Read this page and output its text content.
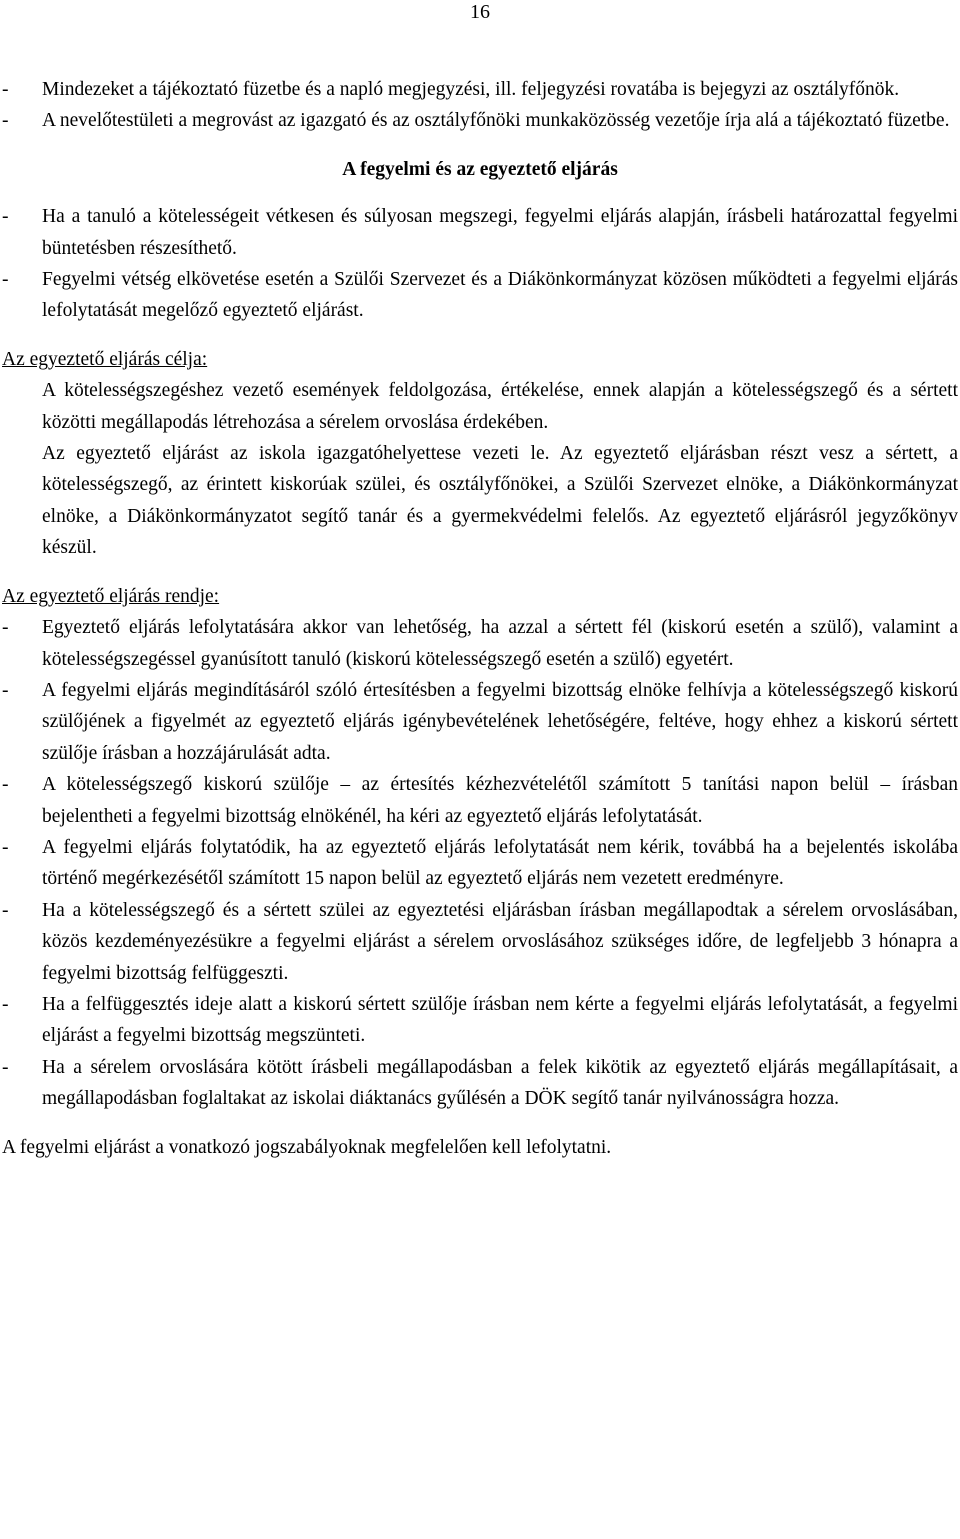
16
-	Mindezeket a tájékoztató füzetbe és a napló megjegyzési, ill. feljegyzési rovatába is bejegyzi az osztályfőnök.
-	A nevelőtestületi a megrovást az igazgató és az osztályfőnöki munkaközösség vezetője írja alá a tájékoztató füzetbe.
A fegyelmi és az egyeztető eljárás
-	Ha a tanuló a kötelességeit vétkesen és súlyosan megszegi, fegyelmi eljárás alapján, írásbeli határozattal fegyelmi büntetésben részesíthető.
-	Fegyelmi vétség elkövetése esetén a Szülői Szervezet és a Diákönkormányzat közösen működteti a fegyelmi eljárás lefolytatását megelőző egyeztető eljárást.
Az egyeztető eljárás célja:
A kötelességszegéshez vezető események feldolgozása, értékelése, ennek alapján a kötelességszegő és a sértett közötti megállapodás létrehozása a sérelem orvoslása érdekében.
Az egyeztető eljárást az iskola igazgatóhelyettese vezeti le. Az egyeztető eljárásban részt vesz a sértett, a kötelességszegő, az érintett kiskorúak szülei, és osztályfőnökei, a Szülői Szervezet elnöke, a Diákönkormányzat elnöke, a Diákönkormányzatot segítő tanár és a gyermekvédelmi felelős. Az egyeztető eljárásról jegyzőkönyv készül.
Az egyeztető eljárás rendje:
-	Egyeztető eljárás lefolytatására akkor van lehetőség, ha azzal a sértett fél (kiskorú esetén a szülő), valamint a kötelességszegéssel gyanúsított tanuló (kiskorú kötelességszegő esetén a szülő) egyetért.
-	A fegyelmi eljárás megindításáról szóló értesítésben a fegyelmi bizottság elnöke felhívja a kötelességszegő kiskorú szülőjének a figyelmét az egyeztető eljárás igénybevételének lehetőségére, feltéve, hogy ehhez a kiskorú sértett szülője írásban a hozzájárulását adta.
-	A kötelességszegő kiskorú szülője – az értesítés kézhezvételétől számított 5 tanítási napon belül – írásban bejelentheti a fegyelmi bizottság elnökénél, ha kéri az egyeztető eljárás lefolytatását.
-	A fegyelmi eljárás folytatódik, ha az egyeztető eljárás lefolytatását nem kérik, továbbá ha a bejelentés iskolába történő megérkezésétől számított 15 napon belül az egyeztető eljárás nem vezetett eredményre.
-	Ha a kötelességszegő és a sértett szülei az egyeztetési eljárásban írásban megállapodtak a sérelem orvoslásában, közös kezdeményezésükre a fegyelmi eljárást a sérelem orvoslásához szükséges időre, de legfeljebb 3 hónapra a fegyelmi bizottság felfüggeszti.
-	Ha a felfüggesztés ideje alatt a kiskorú sértett szülője írásban nem kérte a fegyelmi eljárás lefolytatását, a fegyelmi eljárást a fegyelmi bizottság megszünteti.
-	Ha a sérelem orvoslására kötött írásbeli megállapodásban a felek kikötik az egyeztető eljárás megállapításait, a megállapodásban foglaltakat az iskolai diáktanács gyűlésén a DÖK segítő tanár nyilvánosságra hozza.
A fegyelmi eljárást a vonatkozó jogszabályoknak megfelelően kell lefolytatni.
